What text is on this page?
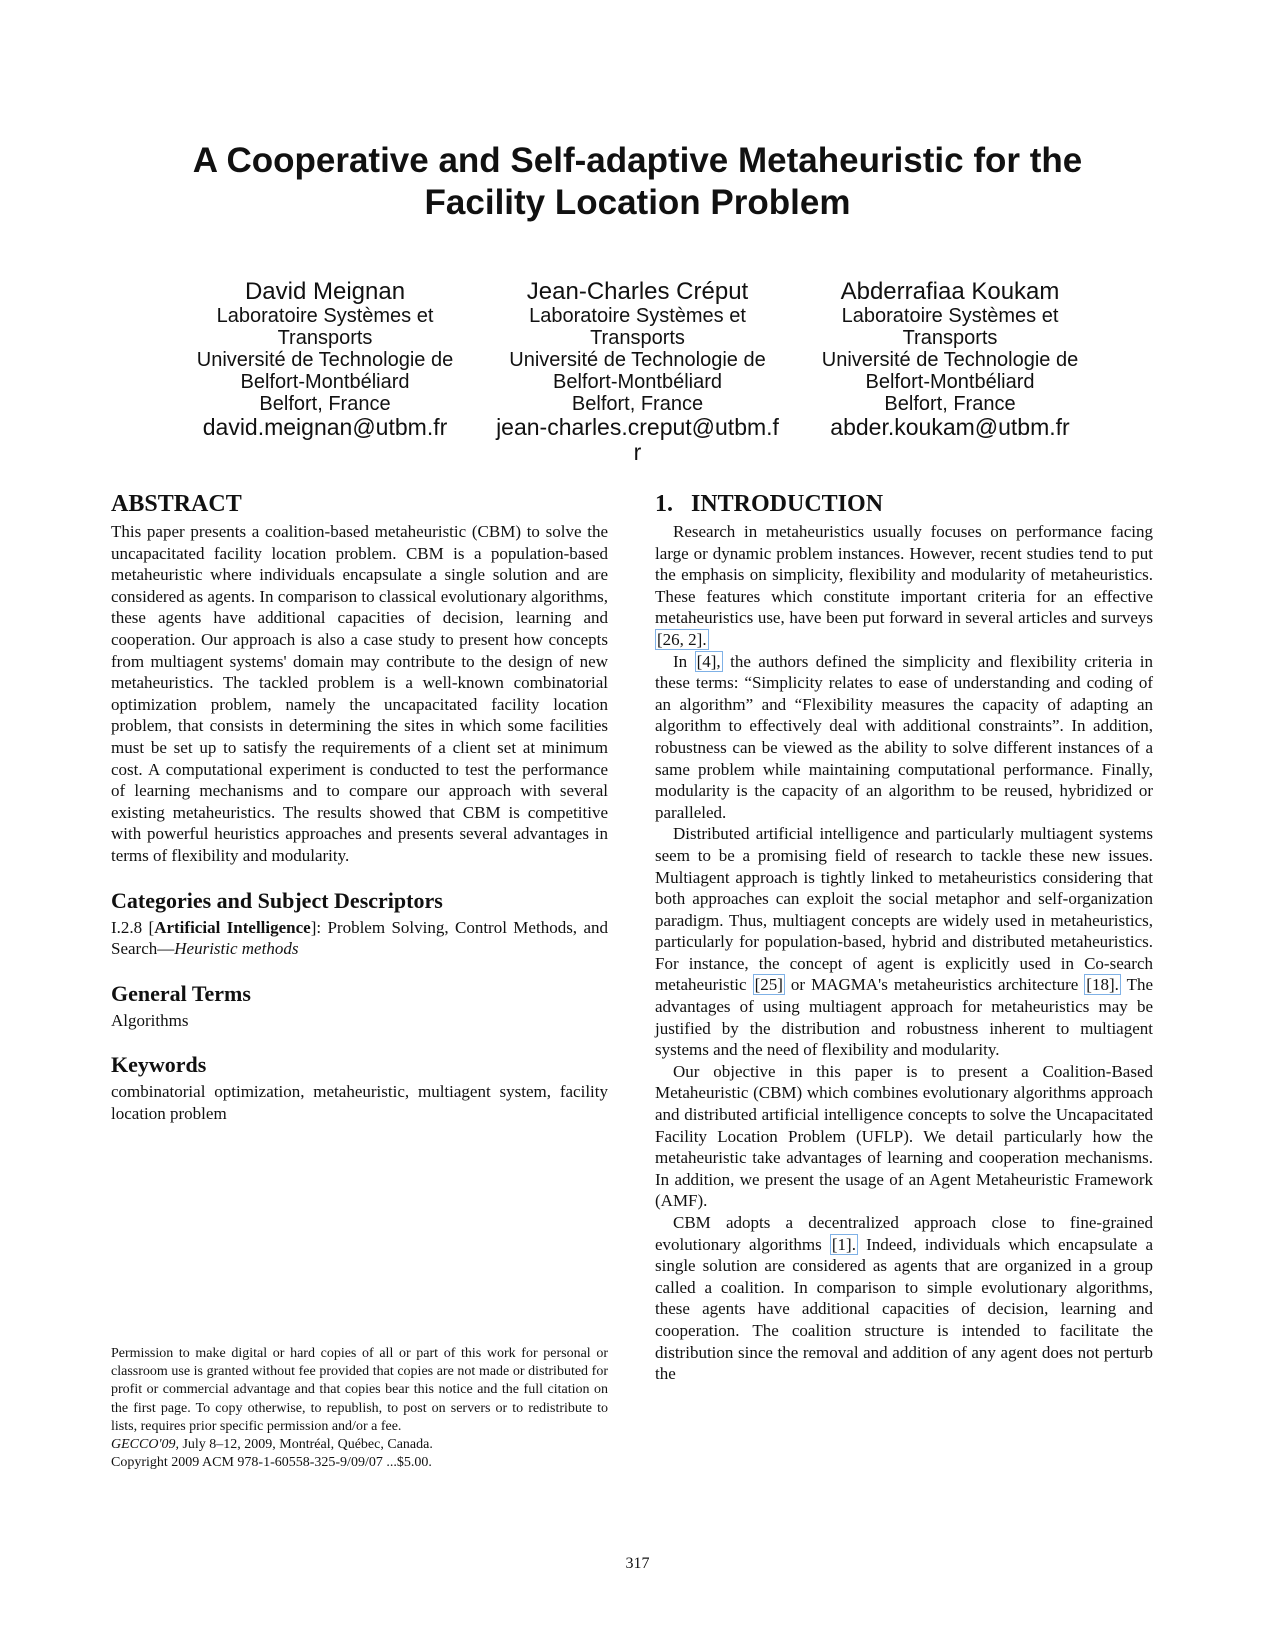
A Cooperative and Self-adaptive Metaheuristic for the
Facility Location Problem
David Meignan
Laboratoire Systèmes et
Transports
Université de Technologie de
Belfort-Montbéliard
Belfort, France
david.meignan@utbm.fr
Jean-Charles Créput
Laboratoire Systèmes et
Transports
Université de Technologie de
Belfort-Montbéliard
Belfort, France
jean-charles.creput@utbm.fr
Abderrafiaa Koukam
Laboratoire Systèmes et
Transports
Université de Technologie de
Belfort-Montbéliard
Belfort, France
abder.koukam@utbm.fr
ABSTRACT

This paper presents a coalition-based metaheuristic (CBM) to solve the uncapacitated facility location problem. CBM is a population-based metaheuristic where individuals encapsulate a single solution and are considered as agents. In comparison to classical evolutionary algorithms, these agents have additional capacities of decision, learning and cooperation. Our approach is also a case study to present how concepts from multiagent systems' domain may contribute to the design of new metaheuristics. The tackled problem is a well-known combinatorial optimization problem, namely the uncapacitated facility location problem, that consists in determining the sites in which some facilities must be set up to satisfy the requirements of a client set at minimum cost. A computational experiment is conducted to test the performance of learning mechanisms and to compare our approach with several existing metaheuristics. The results showed that CBM is competitive with powerful heuristics approaches and presents several advantages in terms of flexibility and modularity.

Categories and Subject Descriptors

I.2.8 [Artificial Intelligence]: Problem Solving, Control Methods, and Search—Heuristic methods

General Terms

Algorithms

Keywords

combinatorial optimization, metaheuristic, multiagent system, facility location problem

Permission to make digital or hard copies of all or part of this work for personal or classroom use is granted without fee provided that copies are not made or distributed for profit or commercial advantage and that copies bear this notice and the full citation on the first page. To copy otherwise, to republish, to post on servers or to redistribute to lists, requires prior specific permission and/or a fee.

GECCO'09, July 8–12, 2009, Montréal, Québec, Canada.

Copyright 2009 ACM 978-1-60558-325-9/09/07 ...$5.00.

1.   INTRODUCTION

Research in metaheuristics usually focuses on performance facing large or dynamic problem instances. However, recent studies tend to put the emphasis on simplicity, flexibility and modularity of metaheuristics. These features which constitute important criteria for an effective metaheuristics use, have been put forward in several articles and surveys [26, 2].

In [4], the authors defined the simplicity and flexibility criteria in these terms: “Simplicity relates to ease of understanding and coding of an algorithm” and “Flexibility measures the capacity of adapting an algorithm to effectively deal with additional constraints”. In addition, robustness can be viewed as the ability to solve different instances of a same problem while maintaining computational performance. Finally, modularity is the capacity of an algorithm to be reused, hybridized or paralleled.

Distributed artificial intelligence and particularly multiagent systems seem to be a promising field of research to tackle these new issues. Multiagent approach is tightly linked to metaheuristics considering that both approaches can exploit the social metaphor and self-organization paradigm. Thus, multiagent concepts are widely used in metaheuristics, particularly for population-based, hybrid and distributed metaheuristics. For instance, the concept of agent is explicitly used in Co-search metaheuristic [25] or MAGMA's metaheuristics architecture [18]. The advantages of using multiagent approach for metaheuristics may be justified by the distribution and robustness inherent to multiagent systems and the need of flexibility and modularity.

Our objective in this paper is to present a Coalition-Based Metaheuristic (CBM) which combines evolutionary algorithms approach and distributed artificial intelligence concepts to solve the Uncapacitated Facility Location Problem (UFLP). We detail particularly how the metaheuristic take advantages of learning and cooperation mechanisms. In addition, we present the usage of an Agent Metaheuristic Framework (AMF).

CBM adopts a decentralized approach close to fine-grained evolutionary algorithms [1]. Indeed, individuals which encapsulate a single solution are considered as agents that are organized in a group called a coalition. In comparison to simple evolutionary algorithms, these agents have additional capacities of decision, learning and cooperation. The coalition structure is intended to facilitate the distribution since the removal and addition of any agent does not perturb the

317
